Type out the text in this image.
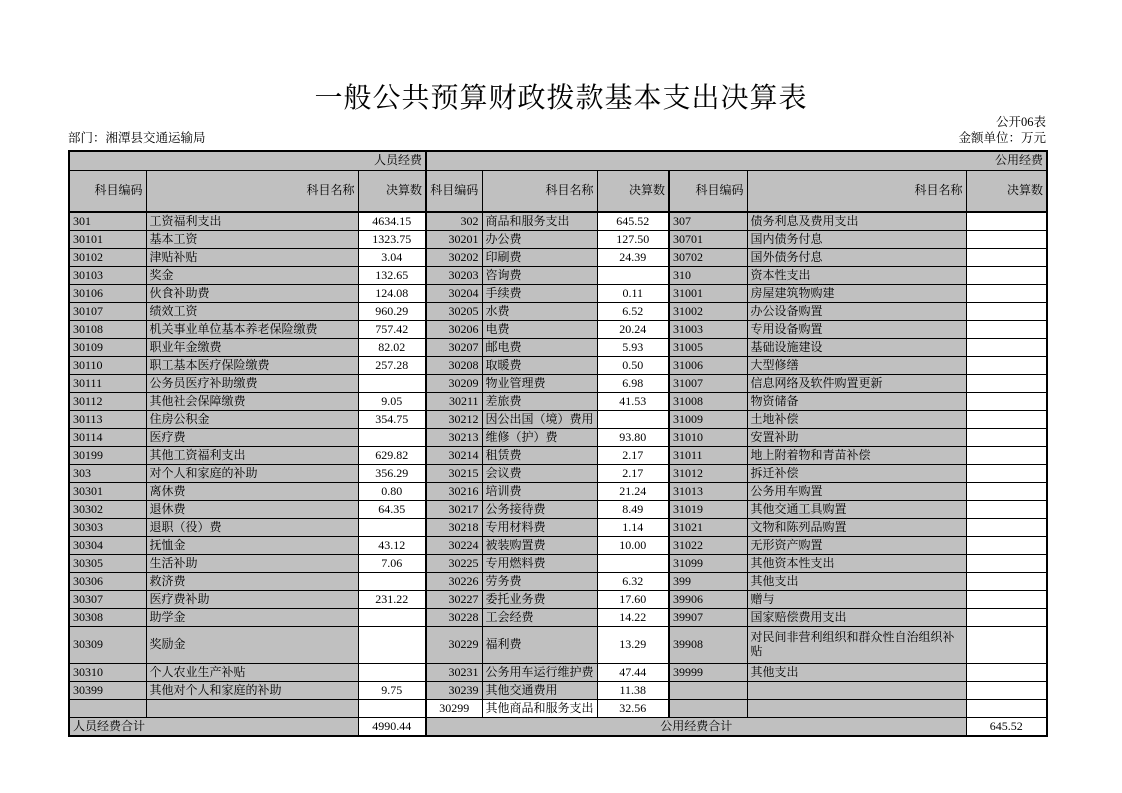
一般公共预算财政拨款基本支出决算表
公开06表
部门：湘潭县交通运输局	金额单位：万元
人员经费			公用经费					
科目编码	科目名称	决算数	科目编码	科目名称	决算数	科目编码	科目名称	决算数
301	工资福利支出	4634.15	302	商品和服务支出	645.52	307	债务利息及费用支出	
30101	基本工资	1323.75	30201	办公费	127.50	30701	国内债务付息	
30102	津贴补贴	3.04	30202	印刷费	24.39	30702	国外债务付息	
30103	奖金	132.65	30203	咨询费		310	资本性支出	
30106	伙食补助费	124.08	30204	手续费	0.11	31001	房屋建筑物购建	
30107	绩效工资	960.29	30205	水费	6.52	31002	办公设备购置	
30108	机关事业单位基本养老保险缴费	757.42	30206	电费	20.24	31003	专用设备购置	
30109	职业年金缴费	82.02	30207	邮电费	5.93	31005	基础设施建设	
30110	职工基本医疗保险缴费	257.28	30208	取暖费	0.50	31006	大型修缮	
30111	公务员医疗补助缴费		30209	物业管理费	6.98	31007	信息网络及软件购置更新	
30112	其他社会保障缴费	9.05	30211	差旅费	41.53	31008	物资储备	
30113	住房公积金	354.75	30212	因公出国（境）费用		31009	土地补偿	
30114	医疗费		30213	维修（护）费	93.80	31010	安置补助	
30199	其他工资福利支出	629.82	30214	租赁费	2.17	31011	地上附着物和青苗补偿	
303	对个人和家庭的补助	356.29	30215	会议费	2.17	31012	拆迁补偿	
30301	离休费	0.80	30216	培训费	21.24	31013	公务用车购置	
30302	退休费	64.35	30217	公务接待费	8.49	31019	其他交通工具购置	
30303	退职（役）费		30218	专用材料费	1.14	31021	文物和陈列品购置	
30304	抚恤金	43.12	30224	被装购置费	10.00	31022	无形资产购置	
30305	生活补助	7.06	30225	专用燃料费		31099	其他资本性支出	
30306	救济费		30226	劳务费	6.32	399	其他支出	
30307	医疗费补助	231.22	30227	委托业务费	17.60	39906	赠与	
30308	助学金		30228	工会经费	14.22	39907	国家赔偿费用支出	
30309	奖励金		30229	福利费	13.29	39908	对民间非营利组织和群众性自治组织补贴	
30310	个人农业生产补贴		30231	公务用车运行维护费	47.44	39999	其他支出	
30399	其他对个人和家庭的补助	9.75	30239	其他交通费用	11.38			
			30299	其他商品和服务支出	32.56			
人员经费合计		4990.44	公用经费合计					645.52
